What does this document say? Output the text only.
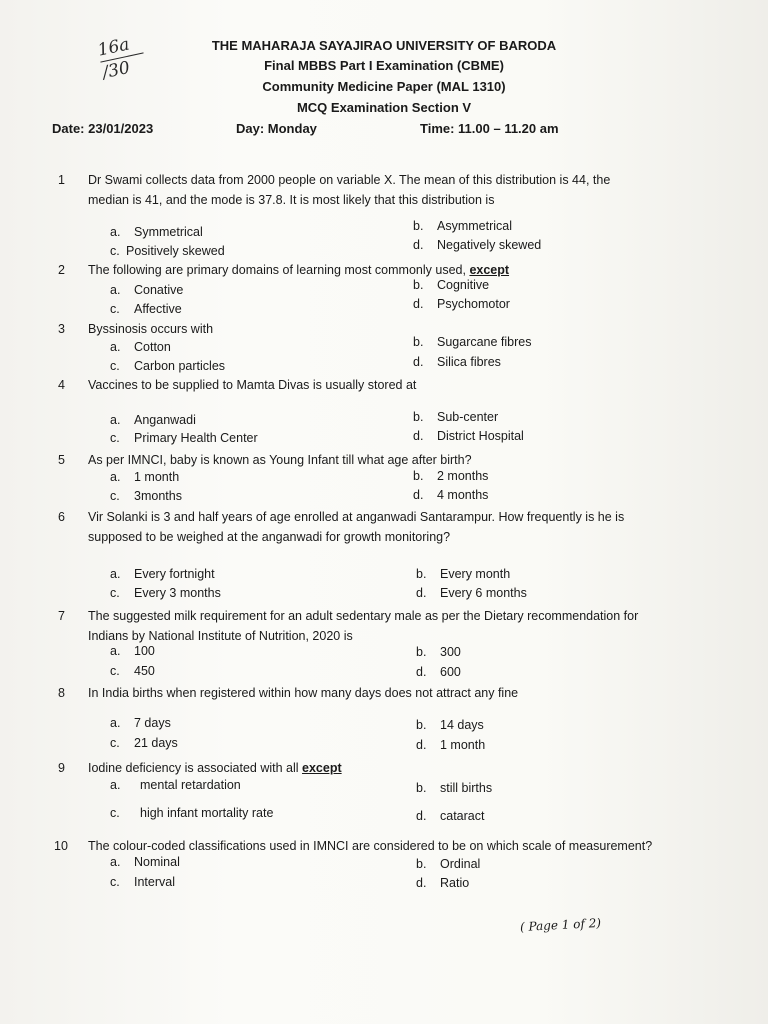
16a
/30
THE MAHARAJA SAYAJIRAO UNIVERSITY OF BARODA
Final MBBS Part I Examination (CBME)
Community Medicine Paper (MAL 1310)
MCQ Examination Section V
Date: 23/01/2023	Day: Monday	Time: 11.00 – 11.20 am
1	Dr Swami collects data from 2000 people on variable X. The mean of this distribution is 44, the
median is 41, and the mode is 37.8. It is most likely that this distribution is
a. Symmetrical	b. Asymmetrical
c. Positively skewed	d. Negatively skewed
2	The following are primary domains of learning most commonly used, except
a. Conative	b. Cognitive
c. Affective	d. Psychomotor
3	Byssinosis occurs with
a. Cotton	b. Sugarcane fibres
c. Carbon particles	d. Silica fibres
4	Vaccines to be supplied to Mamta Divas is usually stored at
a. Anganwadi	b. Sub-center
c. Primary Health Center	d. District Hospital
5	As per IMNCI, baby is known as Young Infant till what age after birth?
a. 1 month	b. 2 months
c. 3months	d. 4 months
6	Vir Solanki is 3 and half years of age enrolled at anganwadi Santarampur. How frequently is he is
supposed to be weighed at the anganwadi for growth monitoring?
a. Every fortnight	b. Every month
c. Every 3 months	d. Every 6 months
7	The suggested milk requirement for an adult sedentary male as per the Dietary recommendation for
Indians by National Institute of Nutrition, 2020 is
a. 100	b. 300
c. 450	d. 600
8	In India births when registered within how many days does not attract any fine
a. 7 days	b. 14 days
c. 21 days	d. 1 month
9	Iodine deficiency is associated with all except
a. mental retardation	b. still births
c. high infant mortality rate	d. cataract
10	The colour-coded classifications used in IMNCI are considered to be on which scale of measurement?
a. Nominal	b. Ordinal
c. Interval	d. Ratio
( Page 1 of 2)
